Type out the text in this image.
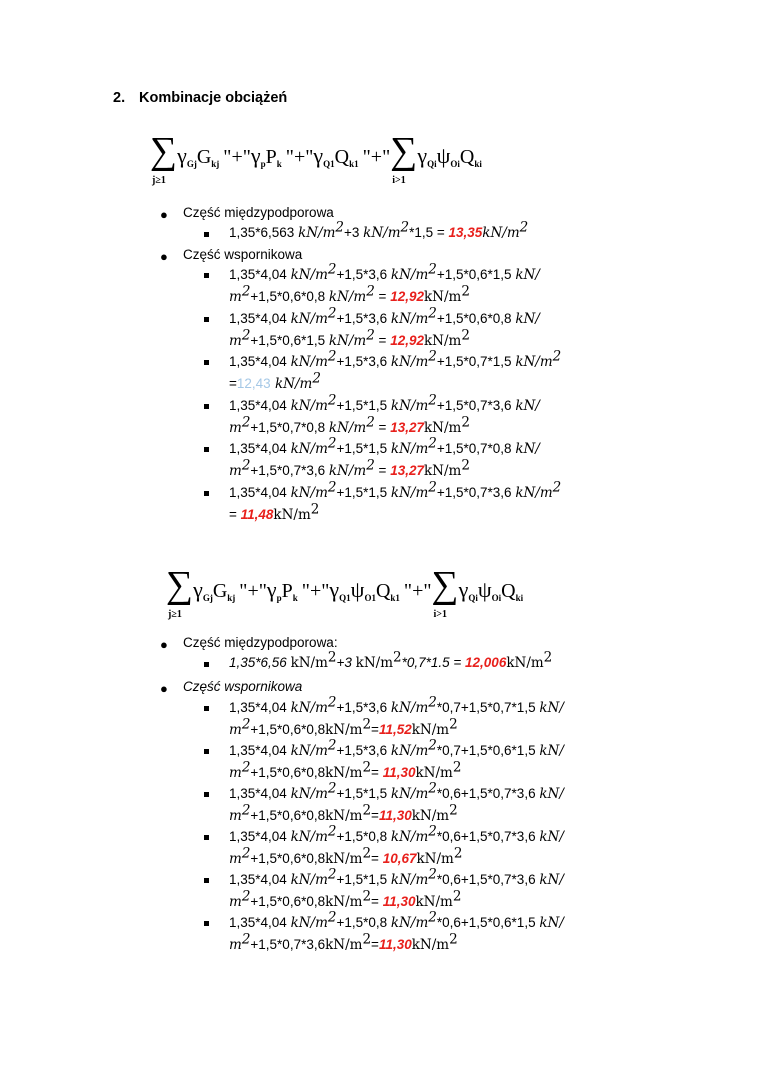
2. Kombinacje obciążeń
∑
j≥1
$\gamma_{Gj}G_{kj}$ "$+"\gamma_pP_k$ "$+"\gamma_{Q1}Q_{k1}$ "+"∑
i>1
$\gamma_{Qi}\psi_{Oi}Q_{ki}$
● Część międzypodporowa
1,35*6,563 $kN/m^2+3$ $kN/m^2*1,5 = 13,35kN/m^2$
● Część wspornikowa
1,35*4,04 $kN/m^2+1,5*3,6$ $kN/m^2+1,5*0,6*1,5$ kN/
$m^2+1,5*0,6*0,8$ $kN/m^2 = 12,92kN/m^2$
1,35*4,04 $kN/m^2+1,5*3,6$ $kN/m^2+1,5*0,6*0,8$ kN/
$m^2+1,5*0,6*1,5$ $kN/m^2 = 12,92kN/m^2$
1,35*4,04 $kN/m^2+1,5*3,6$ $kN/m^2+1,5*0,7*1,5$ $kN/m^2$
=12,43 $kN/m^2$
1,35*4,04 $kN/m^2+1,5*1,5$ $kN/m^2+1,5*0,7*3,6$ kN/
$m^2+1,5*0,7*0,8$ $kN/m^2 = 13,27kN/m^2$
1,35*4,04 $kN/m^2+1,5*1,5$ $kN/m^2+1,5*0,7*0,8$ kN/
$m^2+1,5*0,7*3,6$ $kN/m^2 = 13,27kN/m^2$
1,35*4,04 $kN/m^2+1,5*1,5$ $kN/m^2+1,5*0,7*3,6$ $kN/m^2$
= $11,48kN/m^2$
∑
j≥1
$\gamma_{Gj}G_{kj}$ "$+"\gamma_pP_k$ "$+"\gamma_{Q1}\psi_{O1}Q_{k1}$ "+"∑
i>1
$\gamma_{Qi}\psi_{Oi}Q_{ki}$
● Część międzypodporowa:
1,35*6,56 $kN/m^2+3$ $kN/m^2*0,7*1.5 = 12,006kN/m^2$
● Część wspornikowa
1,35*4,04 $kN/m^2+1,5*3,6$ $kN/m^2*0,7+1,5*0,7*1,5$ kN/
$m^2+1,5*0,6*0,8kN/m^2=11,52kN/m^2$
1,35*4,04 $kN/m^2+1,5*3,6$ $kN/m^2*0,7+1,5*0,6*1,5$ kN/
$m^2+1,5*0,6*0,8kN/m^2= 11,30kN/m^2$
1,35*4,04 $kN/m^2+1,5*1,5$ $kN/m^2*0,6+1,5*0,7*3,6$ kN/
$m^2+1,5*0,6*0,8kN/m^2=11,30kN/m^2$
1,35*4,04 $kN/m^2+1,5*0,8$ $kN/m^2*0,6+1,5*0,7*3,6$ kN/
$m^2+1,5*0,6*0,8kN/m^2= 10,67kN/m^2$
1,35*4,04 $kN/m^2+1,5*1,5$ $kN/m^2*0,6+1,5*0,7*3,6$ kN/
$m^2+1,5*0,6*0,8kN/m^2= 11,30kN/m^2$
1,35*4,04 $kN/m^2+1,5*0,8$ $kN/m^2*0,6+1,5*0,6*1,5$ kN/
$m^2+1,5*0,7*3,6kN/m^2=11,30kN/m^2$
